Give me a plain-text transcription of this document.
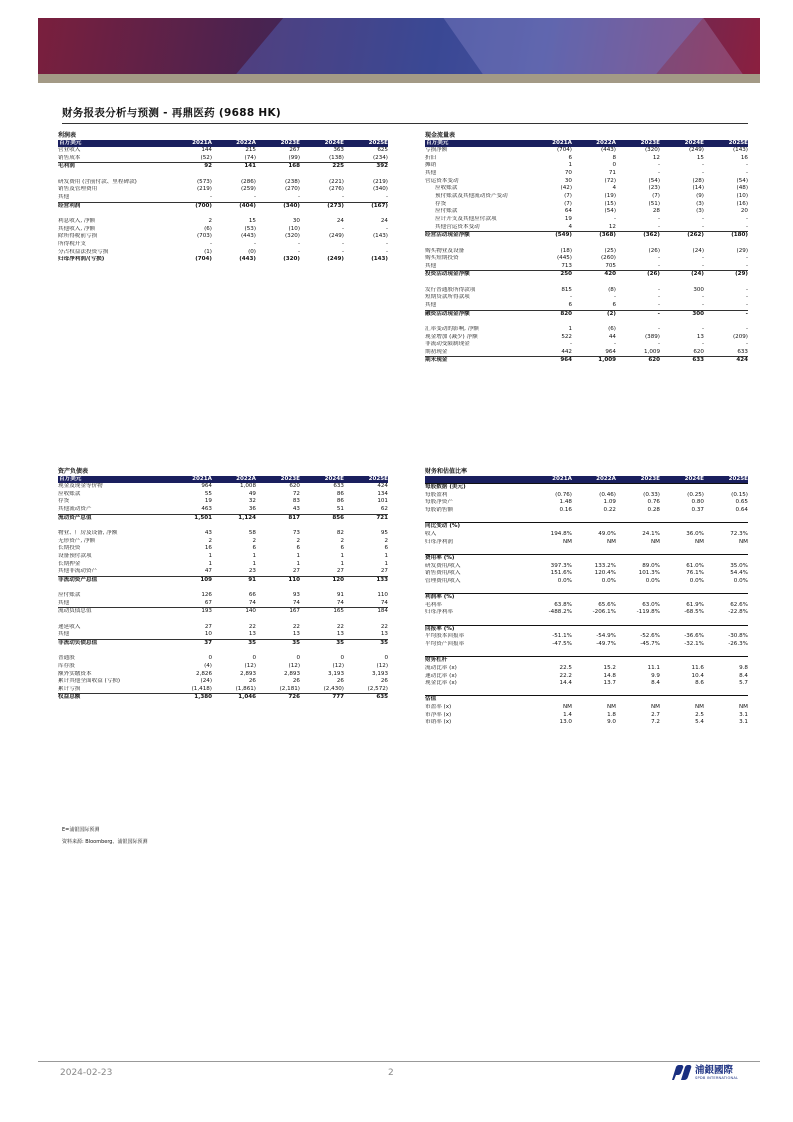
财务报表分析与预测 - 再鼎医药 (9688 HK)
利润表
百万美元	2021A	2022A	2023E	2024E	2025E
营业收入	144	215	267	363	625
销售成本	(52)	(74)	(99)	(138)	(234)
毛利润	92	141	168	225	392
研发费用 (含前付款、里程碑款)	(573)	(286)	(238)	(221)	(219)
销售及管理费用	(219)	(259)	(270)	(276)	(340)
其他	-	-	-	-	-
经营利润	(700)	(404)	(340)	(273)	(167)
利息收入, 净额	2	15	30	24	24
其他收入, 净额	(6)	(53)	(10)	-	-
除所得税前亏损	(703)	(443)	(320)	(249)	(143)
所得税开支	-	-	-	-	-
分占权益法投资亏损	(1)	(0)	-	-	-
归母净利润/(亏损)	(704)	(443)	(320)	(249)	(143)
现金流量表
百万美元	2021A	2022A	2023E	2024E	2025E
亏损净额	(704)	(443)	(320)	(249)	(143)
折旧	6	8	12	15	16
摊销	1	0	-	-	-
其他	70	71	-	-	-
营运资本变动	30	(72)	(54)	(28)	(54)
应收账款	(42)	4	(23)	(14)	(48)
预付账款及其他流动资产变动	(7)	(19)	(7)	(9)	(10)
存货	(7)	(15)	(51)	(3)	(16)
应付账款	64	(54)	28	(3)	20
应计开支及其他应付款项	19	-	-	-	-
其他营运资本变动	4	12	-	-	-
经营活动现金净额	(549)	(368)	(362)	(262)	(180)
购买物业及设备	(18)	(25)	(26)	(24)	(29)
购买短期投资	(445)	(260)	-	-	-
其他	713	705	-	-	-
投资活动现金净额	250	420	(26)	(24)	(29)
发行普通股所得款项	815	(8)	-	300	-
短期贷款所得款项	-	-	-	-	-
其他	6	6	-	-	-
融资活动现金净额	820	(2)	-	300	-
汇率变动的影响, 净额	1	(6)	-	-	-
现金增加 (减少) 净额	522	44	(389)	13	(209)
非流动受限制现金	-	-	-	-	-
期初现金	442	964	1,009	620	633
期末现金	964	1,009	620	633	424
资产负债表
百万美元	2021A	2022A	2023E	2024E	2025E
现金及现金等价物	964	1,008	620	633	424
应收账款	55	49	72	86	134
存货	19	32	83	86	101
其他流动资产	463	36	43	51	62
流动资产总值	1,501	1,124	817	856	721
物业、厂房及设备, 净额	43	58	73	82	95
无形资产, 净额	2	2	2	2	2
长期投资	16	6	6	6	6
设备预付款项	1	1	1	1	1
长期押金	1	1	1	1	1
其他非流动资产	47	23	27	27	27
非流动资产总值	109	91	110	120	133
应付账款	126	66	93	91	110
其他	67	74	74	74	74
流动负债总值	193	140	167	165	184
递延收入	27	22	22	22	22
其他	10	13	13	13	13
非流动负债总值	37	35	35	35	35
普通股	0	0	0	0	0
库存股	(4)	(12)	(12)	(12)	(12)
额外实缴资本	2,826	2,893	2,893	3,193	3,193
累计其他全面收益 (亏损)	(24)	26	26	26	26
累计亏损	(1,418)	(1,861)	(2,181)	(2,430)	(2,572)
权益总额	1,380	1,046	726	777	635
财务和估值比率
2021A	2022A	2023E	2024E	2025E
每股数据 (美元)
每股盈利	(0.76)	(0.46)	(0.33)	(0.25)	(0.15)
每股净资产	1.48	1.09	0.76	0.80	0.65
每股销售额	0.16	0.22	0.28	0.37	0.64
同比变动 (%)
收入	194.8%	49.0%	24.1%	36.0%	72.3%
归母净利润	NM	NM	NM	NM	NM
费用率 (%)
研发费用/收入	397.3%	133.2%	89.0%	61.0%	35.0%
销售费用/收入	151.6%	120.4%	101.3%	76.1%	54.4%
管理费用/收入	0.0%	0.0%	0.0%	0.0%	0.0%
利润率 (%)
毛利率	63.8%	65.6%	63.0%	61.9%	62.6%
归母净利率	-488.2%	-206.1%	-119.8%	-68.5%	-22.8%
回报率 (%)
平均股本回报率	-51.1%	-54.9%	-52.6%	-36.6%	-30.8%
平均资产回报率	-47.5%	-49.7%	-45.7%	-32.1%	-26.3%
财务杠杆
流动比率 (x)	22.5	15.2	11.1	11.6	9.8
速动比率 (x)	22.2	14.8	9.9	10.4	8.4
现金比率 (x)	14.4	13.7	8.4	8.6	5.7
估值
市盈率 (x)	NM	NM	NM	NM	NM
市净率 (x)	1.4	1.8	2.7	2.5	3.1
市销率 (x)	13.0	9.0	7.2	5.4	3.1
E=浦银国际预测
资料来源: Bloomberg、浦银国际预测
2024-02-23	2	浦銀國際
SPDB INTERNATIONAL
